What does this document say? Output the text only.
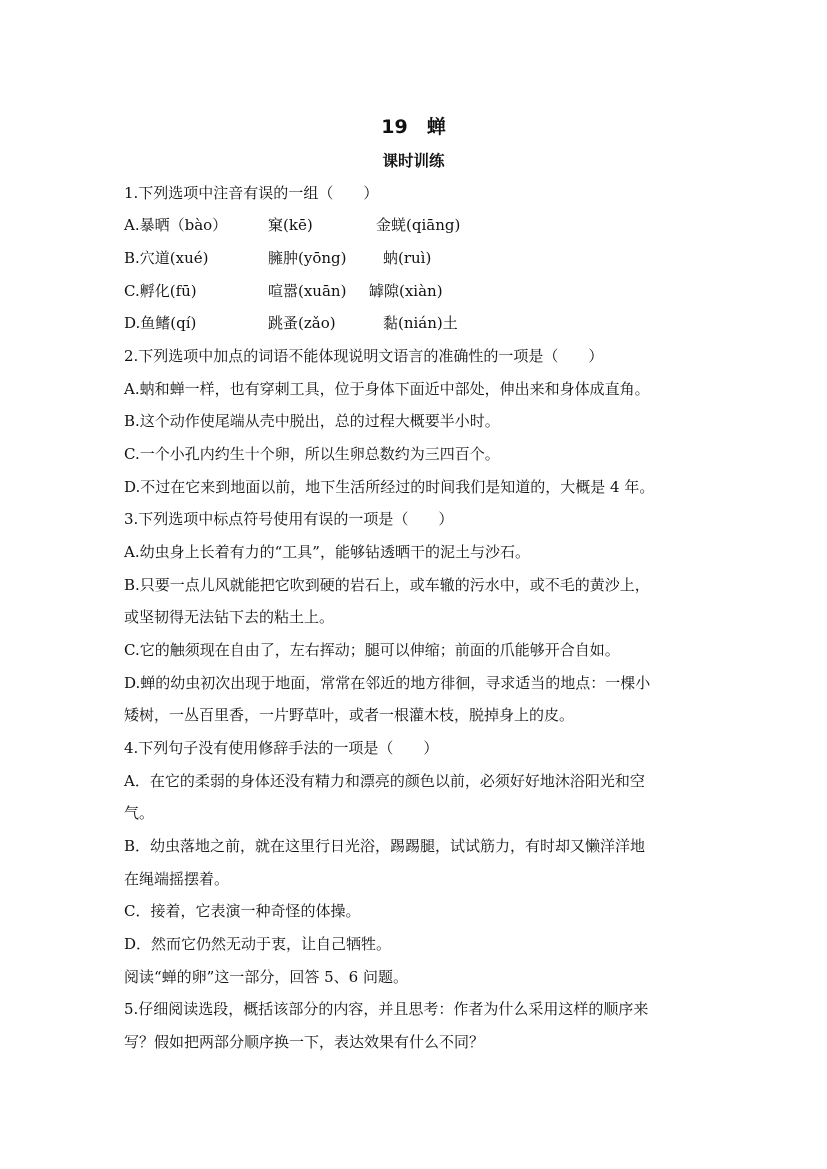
19　蝉
课时训练
1.下列选项中注音有误的一组（　　）
A.暴晒（bào）	窠(kē)	金蜣(qiāng)
B.穴道(xué)	臃肿(yōng) 蚋(ruì)
C.孵化(fū)	喧嚣(xuān) 罅隙(xiàn)
D.鱼鳍(qí)	跳蚤(zǎo)	黏(nián)土
2.下列选项中加点的词语不能体现说明文语言的准确性的一项是（　　）
A.蚋和蝉一样，也有穿刺工具，位于身体下面近中部处，伸出来和身体成直角。
B.这个动作使尾端从壳中脱出，总的过程大概要半小时。
C.一个小孔内约生十个卵，所以生卵总数约为三四百个。
D.不过在它来到地面以前，地下生活所经过的时间我们是知道的，大概是 4 年。
3.下列选项中标点符号使用有误的一项是（　　）
A.幼虫身上长着有力的“工具”，能够钻透晒干的泥土与沙石。
B.只要一点儿风就能把它吹到硬的岩石上，或车辙的污水中，或不毛的黄沙上，
或坚韧得无法钻下去的粘土上。
C.它的触须现在自由了，左右挥动；腿可以伸缩；前面的爪能够开合自如。
D.蝉的幼虫初次出现于地面，常常在邻近的地方徘徊，寻求适当的地点：一棵小
矮树，一丛百里香，一片野草叶，或者一根灌木枝，脱掉身上的皮。
4.下列句子没有使用修辞手法的一项是（　　）
A．在它的柔弱的身体还没有精力和漂亮的颜色以前，必须好好地沐浴阳光和空
气。
B．幼虫落地之前，就在这里行日光浴，踢踢腿，试试筋力，有时却又懒洋洋地
在绳端摇摆着。
C．接着，它表演一种奇怪的体操。
D．然而它仍然无动于衷，让自己牺牲。
阅读“蝉的卵”这一部分，回答 5、6 问题。
5.仔细阅读选段，概括该部分的内容，并且思考：作者为什么采用这样的顺序来
写？假如把两部分顺序换一下，表达效果有什么不同？
